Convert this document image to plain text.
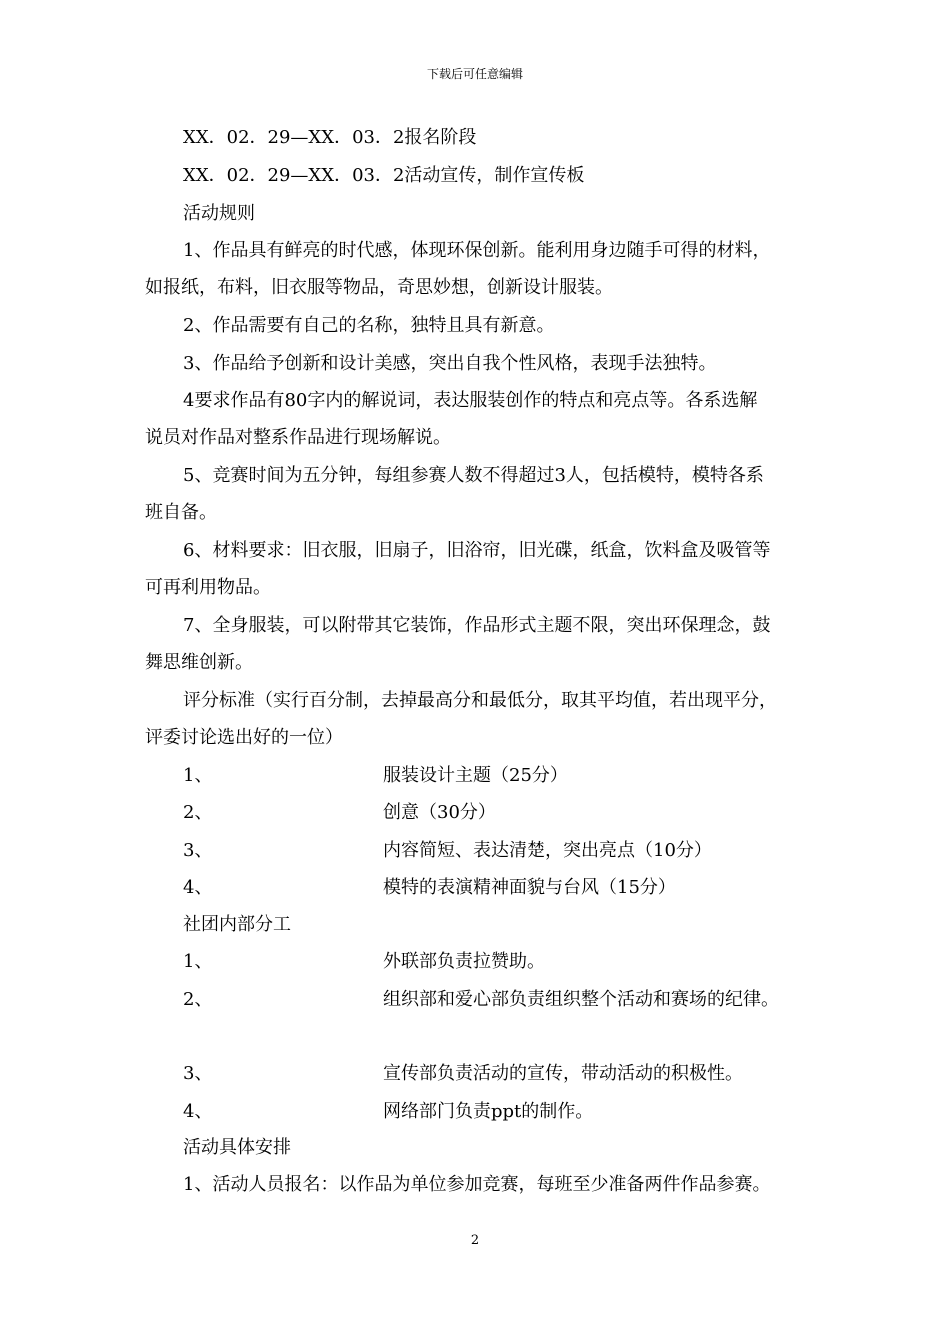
下载后可任意编辑
XX．02．29—XX．03．2报名阶段
XX．02．29—XX．03．2活动宣传，制作宣传板
活动规则
1、作品具有鲜亮的时代感，体现环保创新。能利用身边随手可得的材料，
如报纸，布料，旧衣服等物品，奇思妙想，创新设计服装。
2、作品需要有自己的名称，独特且具有新意。
3、作品给予创新和设计美感，突出自我个性风格，表现手法独特。
4要求作品有80字内的解说词，表达服装创作的特点和亮点等。各系选解
说员对作品对整系作品进行现场解说。
5、竞赛时间为五分钟，每组参赛人数不得超过3人，包括模特，模特各系
班自备。
6、材料要求：旧衣服，旧扇子，旧浴帘，旧光碟，纸盒，饮料盒及吸管等
可再利用物品。
7、全身服装，可以附带其它装饰，作品形式主题不限，突出环保理念，鼓
舞思维创新。
评分标准（实行百分制，去掉最高分和最低分，取其平均值，若出现平分，
评委讨论选出好的一位）
1、	服装设计主题（25分）
2、	创意（30分）
3、	内容简短、表达清楚，突出亮点（10分）
4、	模特的表演精神面貌与台风（15分）
社团内部分工
1、	外联部负责拉赞助。
2、	组织部和爱心部负责组织整个活动和赛场的纪律。
3、	宣传部负责活动的宣传，带动活动的积极性。
4、	网络部门负责ppt的制作。
活动具体安排
1、活动人员报名：以作品为单位参加竞赛，每班至少准备两件作品参赛。
2
